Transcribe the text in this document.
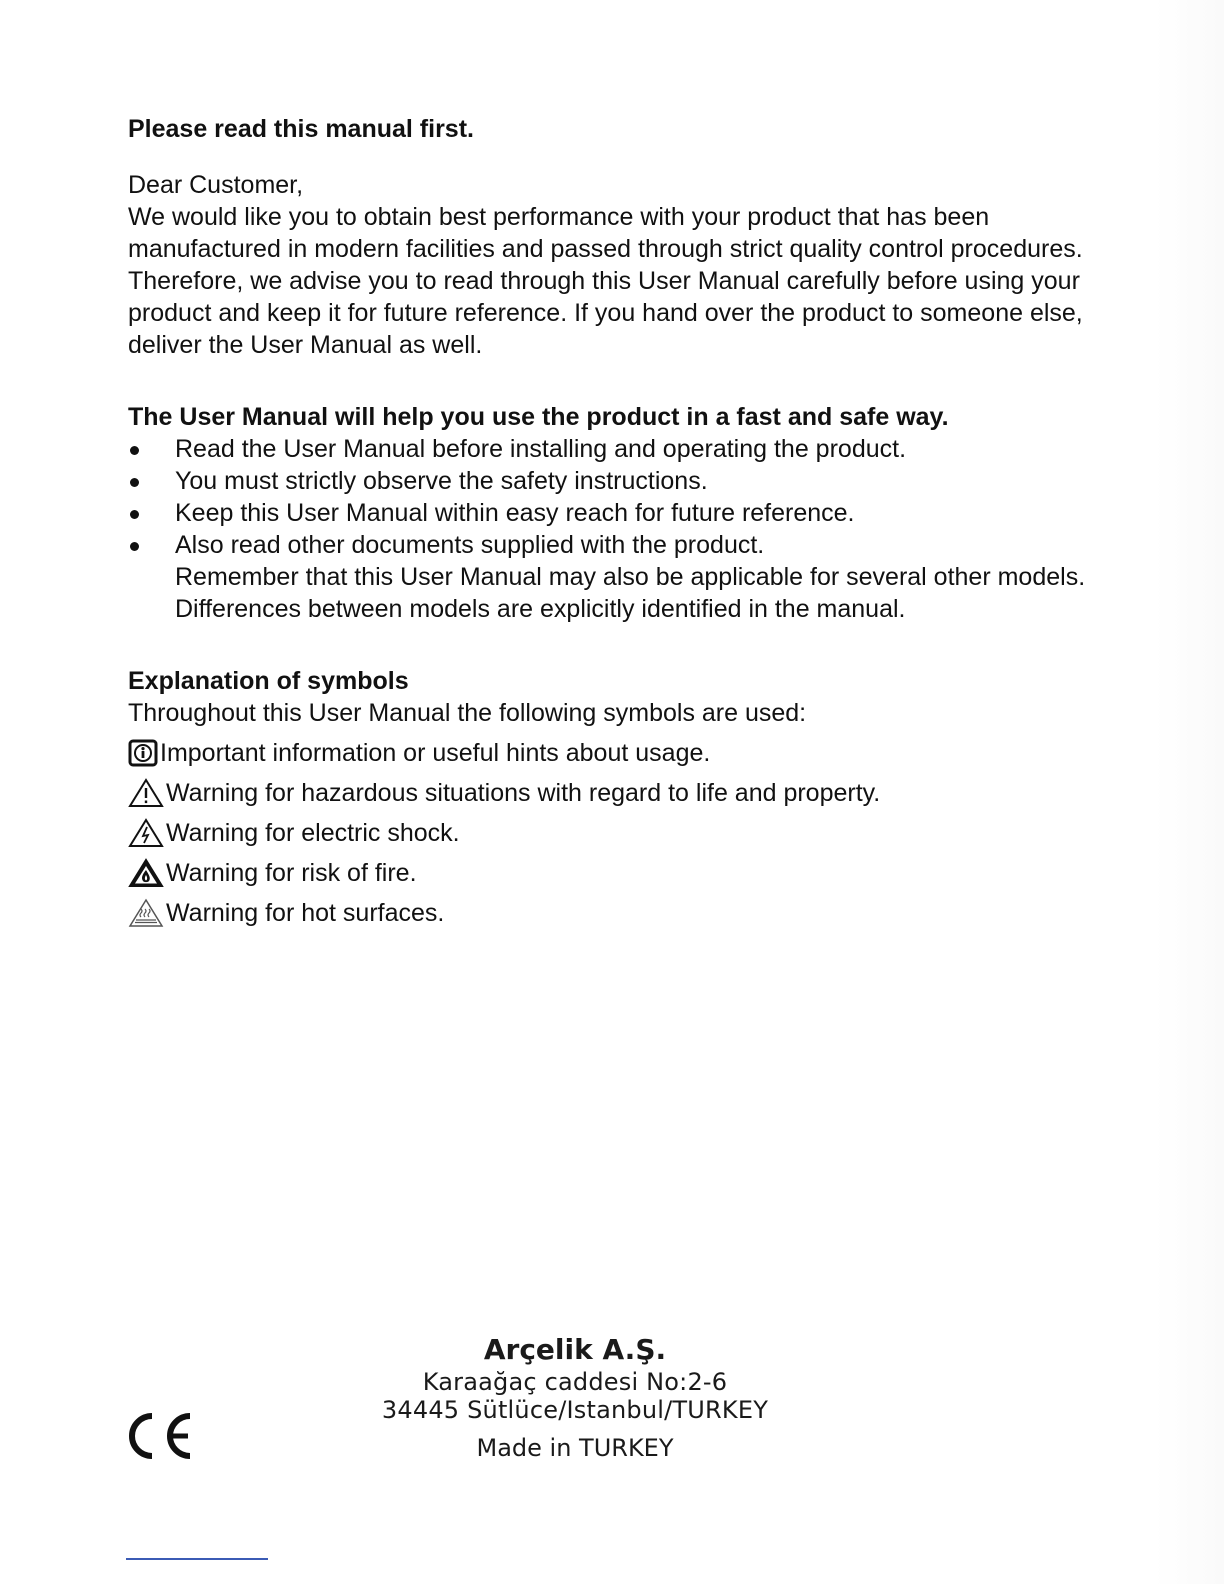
Please read this manual first.

Dear Customer,

We would like you to obtain best performance with your product that has been manufactured in modern facilities and passed through strict quality control procedures.

Therefore, we advise you to read through this User Manual carefully before using your product and keep it for future reference. If you hand over the product to someone else, deliver the User Manual as well.

The User Manual will help you use the product in a fast and safe way.

Read the User Manual before installing and operating the product.
You must strictly observe the safety instructions.
Keep this User Manual within easy reach for future reference.
Also read other documents supplied with the product.

Remember that this User Manual may also be applicable for several other models.

Differences between models are explicitly identified in the manual.

Explanation of symbols

Throughout this User Manual the following symbols are used:

Important information or useful hints about usage.
Warning for hazardous situations with regard to life and property.
Warning for electric shock.
Warning for risk of fire.
Warning for hot surfaces.
Arçelik A.Ş.
Karaağaç caddesi No:2-6
34445 Sütlüce/Istanbul/TURKEY
Made in TURKEY
